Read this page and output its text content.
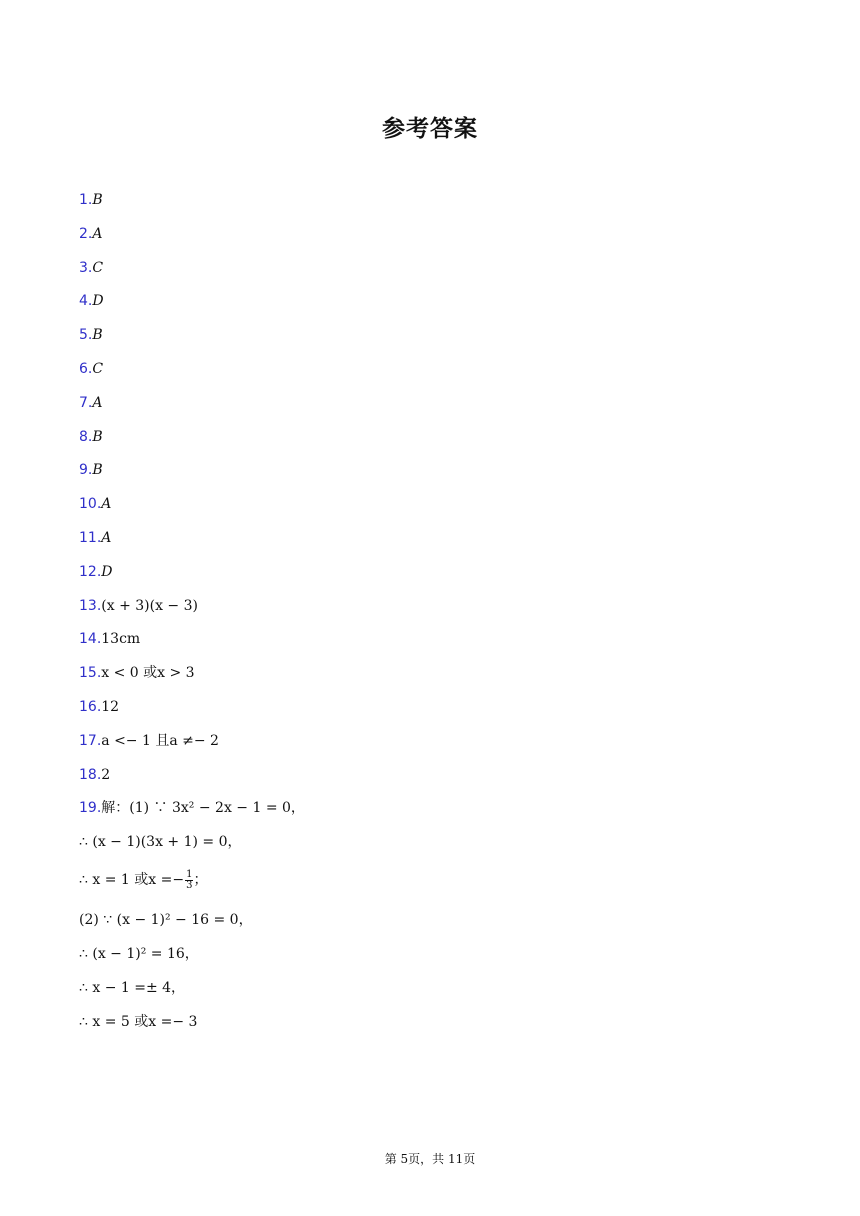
参考答案
1.B
2.A
3.C
4.D
5.B
6.C
7.A
8.B
9.B
10.A
11.A
12.D
13.(x + 3)(x − 3)
14.13cm
15.x < 0 或x > 3
16.12
17.a <− 1 且a ≠− 2
18.2
19.解：(1) ∵ 3x² − 2x − 1 = 0，
∴ (x − 1)(3x + 1) = 0，
∴ x = 1 或$x =- \frac{1}{3}$ ；
(2) ∵ (x − 1)² − 16 = 0，
∴ (x − 1)² = 16，
∴ x − 1 =± 4，
∴ x = 5 或x =− 3
第 5页，共 11页
